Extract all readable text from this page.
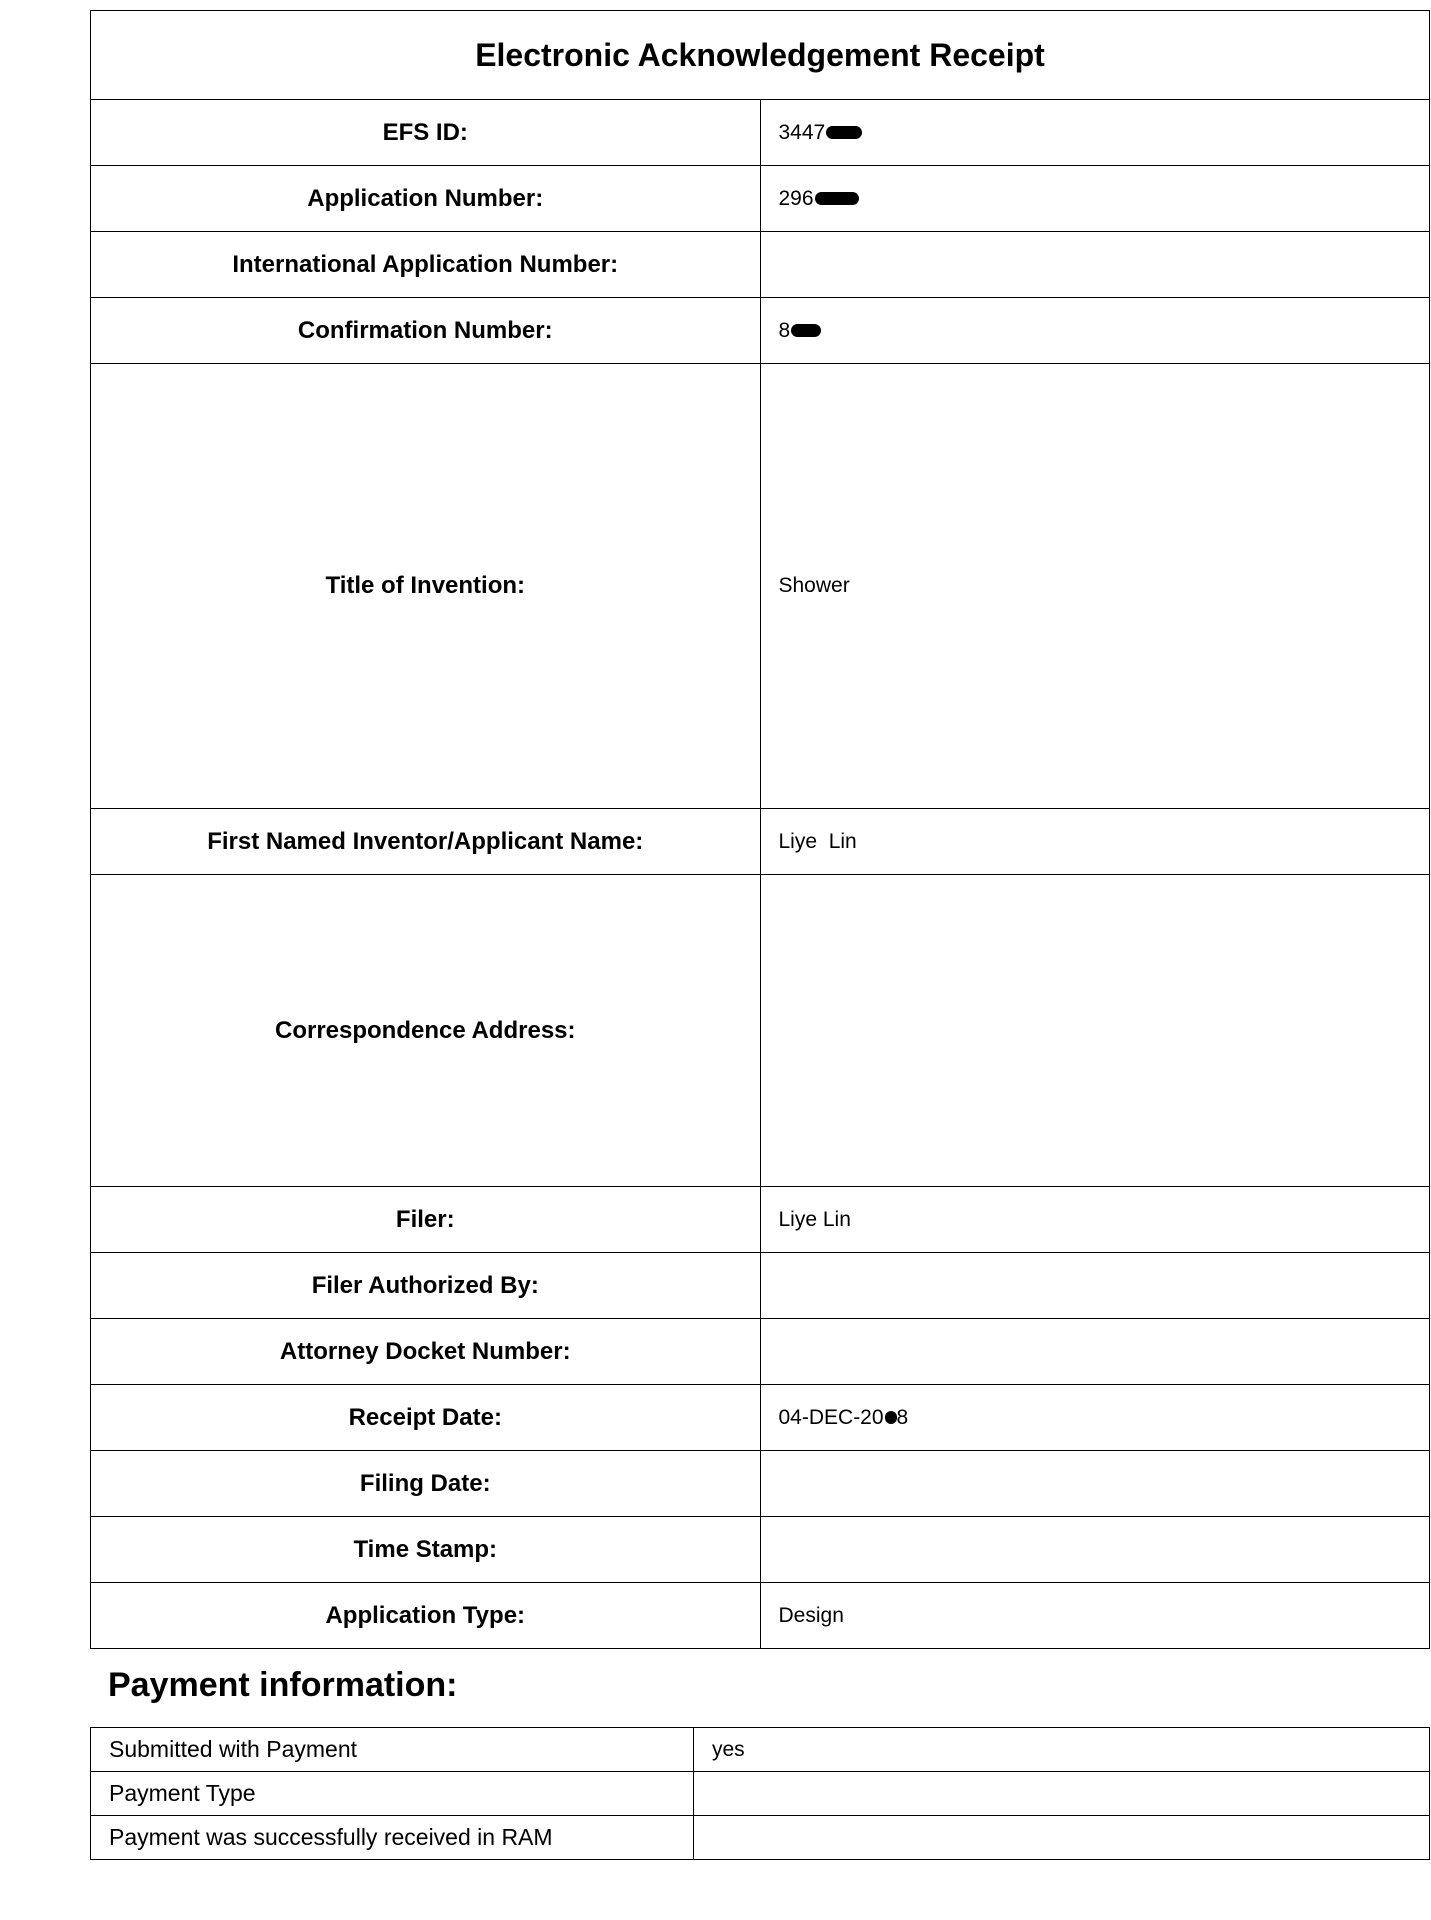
Electronic Acknowledgement Receipt	
EFS ID:	3447
Application Number:	296
International Application Number:	
Confirmation Number:	8
Title of Invention:	Shower
First Named Inventor/Applicant Name:	Liye  Lin
Correspondence Address:	
Filer:	Liye Lin
Filer Authorized By:	
Attorney Docket Number:	
Receipt Date:	04-DEC-20 8
Filing Date:	
Time Stamp:	
Application Type:	Design
Payment information:
Submitted with Payment	yes
Payment Type	
Payment was successfully received in RAM	
